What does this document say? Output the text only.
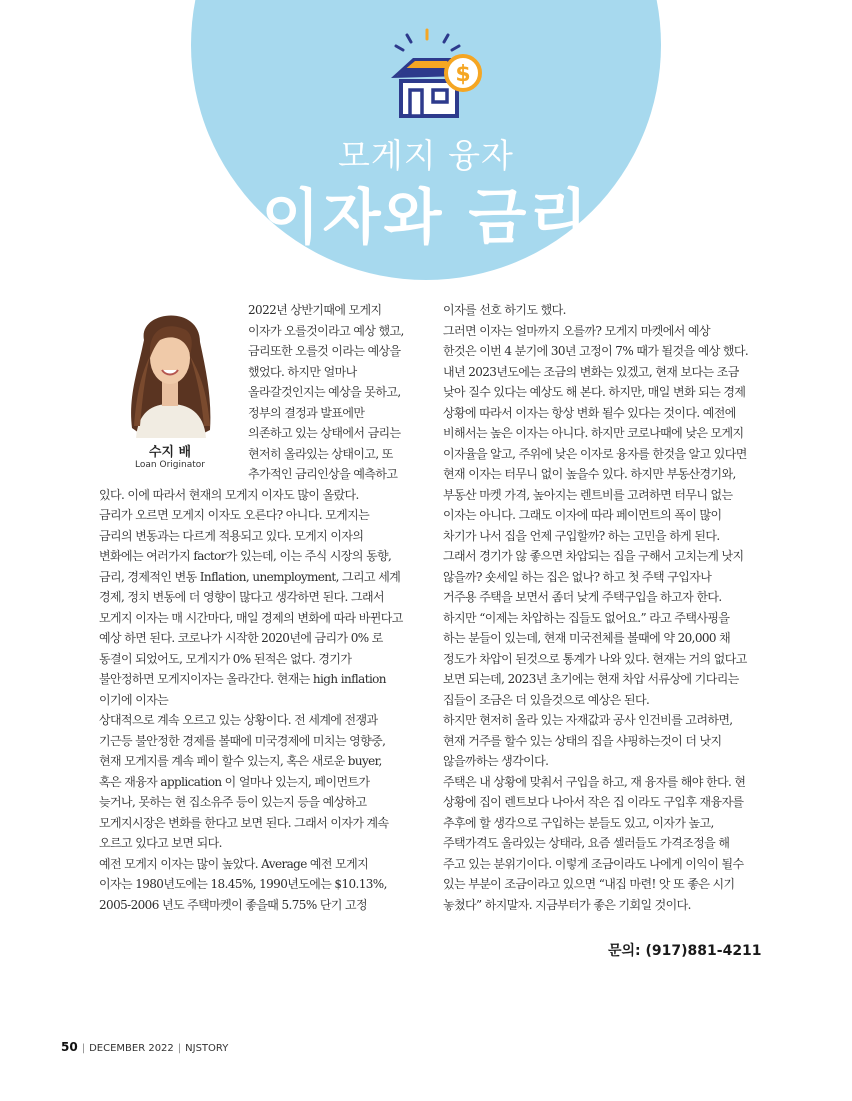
$
모게지 융자
이자와 금리
수지 배
Loan Originator
2022년 상반기때에 모게지
이자가 오를것이라고 예상 했고,
금리또한 오를것 이라는 예상을
했었다. 하지만 얼마나
올라갈것인지는 예상을 못하고,
정부의 결정과 발표에만
의존하고 있는 상태에서 금리는
현저히 올라있는 상태이고, 또
추가적인 금리인상을 예측하고
있다. 이에 따라서 현재의 모게지 이자도 많이 올랐다.
금리가 오르면 모게지 이자도 오른다? 아니다. 모게지는
금리의 변동과는 다르게 적용되고 있다. 모게지 이자의
변화에는 여러가지 factor가 있는데, 이는 주식 시장의 동향,
금리, 경제적인 변동 Inflation, unemployment, 그리고 세계
경제, 정치 변동에 더 영향이 많다고 생각하면 된다. 그래서
모게지 이자는 매 시간마다, 매일 경제의 변화에 따라 바뀐다고
예상 하면 된다. 코로나가 시작한 2020년에 금리가 0% 로
동결이 되었어도, 모게지가 0% 된적은 없다. 경기가
불안정하면 모게지이자는 올라간다. 현재는 high inflation
이기에 이자는
상대적으로 계속 오르고 있는 상황이다. 전 세계에 전쟁과
기근등 불안정한 경제를 볼때에 미국경제에 미치는 영향중,
현재 모게지를 계속 페이 할수 있는지, 혹은 새로운 buyer,
혹은 재융자 application 이 얼마나 있는지, 페이먼트가
늦거나, 못하는 현 집소유주 등이 있는지 등을 예상하고
모게지시장은 변화를 한다고 보면 된다. 그래서 이자가 계속
오르고 있다고 보면 되다.
예전 모게지 이자는 많이 높았다. Average 예전 모게지
이자는 1980년도에는 18.45%, 1990년도에는 $10.13%,
2005-2006 년도 주택마켓이 좋을때 5.75% 단기 고정
이자를 선호 하기도 했다.
그러면 이자는 얼마까지 오를까? 모게지 마켓에서 예상
한것은 이번 4 분기에 30년 고정이 7% 때가 될것을 예상 했다.
내년 2023년도에는 조금의 변화는 있겠고, 현재 보다는 조금
낮아 질수 있다는 예상도 해 본다. 하지만, 매일 변화 되는 경제
상황에 따라서 이자는 항상 변화 될수 있다는 것이다. 예전에
비해서는 높은 이자는 아니다. 하지만 코로나때에 낮은 모게지
이자율을 알고, 주위에 낮은 이자로 융자를 한것을 알고 있다면
현재 이자는 터무니 없이 높을수 있다. 하지만 부동산경기와,
부동산 마켓 가격, 높아지는 렌트비를 고려하면 터무니 없는
이자는 아니다. 그래도 이자에 따라 페이먼트의 폭이 많이
차기가 나서 집을 언제 구입할까? 하는 고민을 하게 된다.
그래서 경기가 않 좋으면 차압되는 집을 구해서 고치는게 낫지
않을까? 숏세일 하는 집은 없나? 하고 첫 주택 구입자나
거주용 주택을 보면서 좀더 낮게 주택구입을 하고자 한다.
하지만 “이제는 차압하는 집들도 없어요.” 라고 주택사핑을
하는 분들이 있는데, 현재 미국전체를 볼때에 약 20,000 채
정도가 차압이 된것으로 통계가 나와 있다. 현재는 거의 없다고
보면 되는데, 2023년 초기에는 현재 차압 서류상에 기다리는
집들이 조금은 더 있을것으로 예상은 된다.
하지만 현저히 올라 있는 자재값과 공사 인건비를 고려하면,
현재 거주를 할수 있는 상태의 집을 샤핑하는것이 더 낫지
않을까하는 생각이다.
주택은 내 상황에 맞춰서 구입을 하고, 재 융자를 해야 한다. 현
상황에 집이 렌트보다 나아서 작은 집 이라도 구입후 재융자를
추후에 할 생각으로 구입하는 분들도 있고, 이자가 높고,
주택가격도 올라있는 상태라, 요즘 셀러들도 가격조정을 해
주고 있는 분위기이다. 이렇게 조금이라도 나에게 이익이 될수
있는 부분이 조금이라고 있으면 “내집 마련! 앗 또 좋은 시기
놓쳤다” 하지말자. 지금부터가 좋은 기회일 것이다.
문의: (917)881-4211
50 | DECEMBER 2022 | NJSTORY
